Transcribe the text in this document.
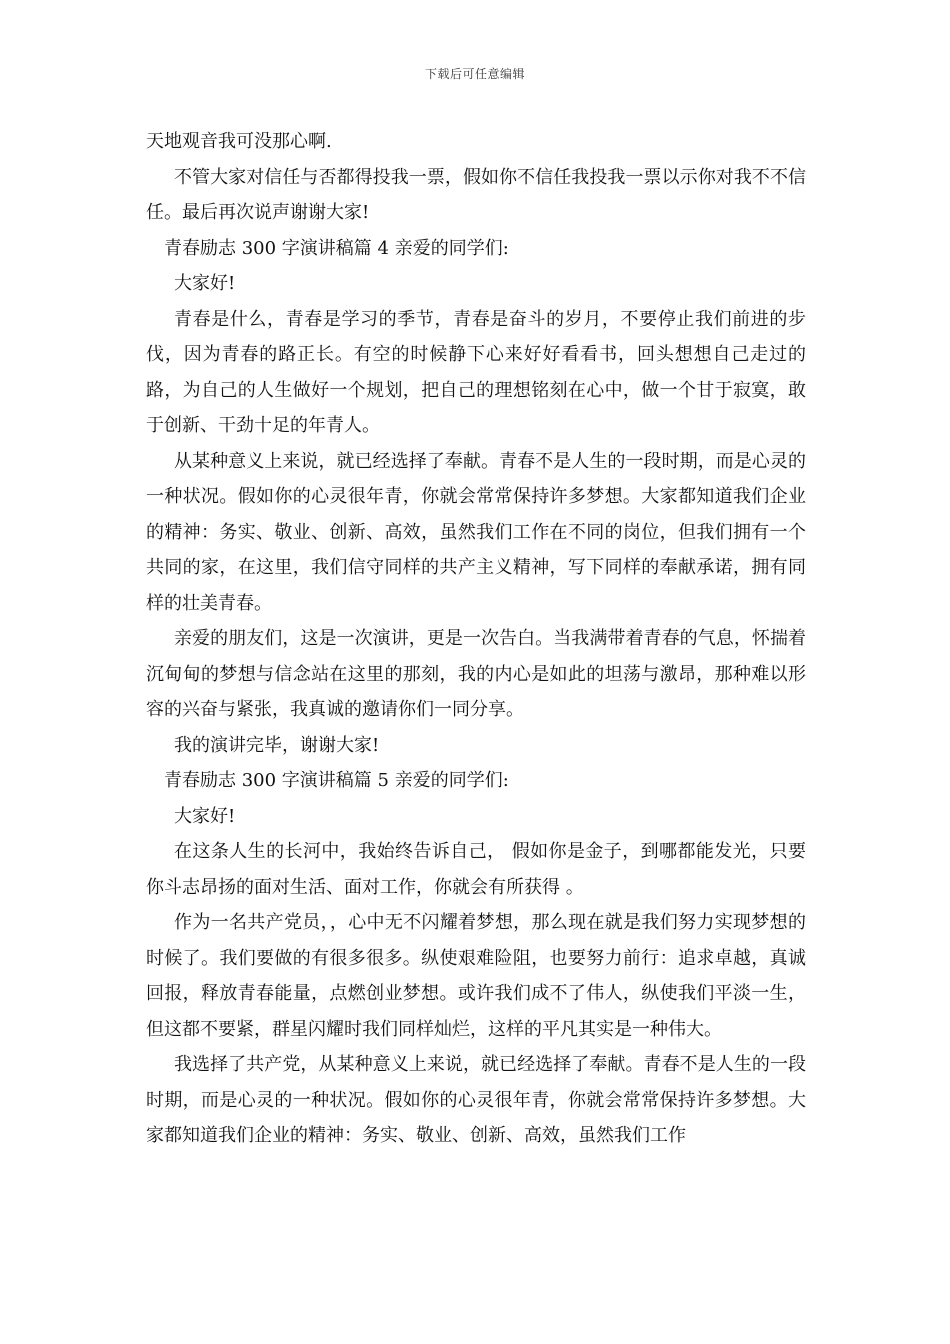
下载后可任意编辑

天地观音我可没那心啊.

不管大家对信任与否都得投我一票，假如你不信任我投我一票以示你对我不不信任。最后再次说声谢谢大家!

青春励志 300 字演讲稿篇 4 亲爱的同学们:

大家好!

青春是什么，青春是学习的季节，青春是奋斗的岁月，不要停止我们前进的步伐，因为青春的路正长。有空的时候静下心来好好看看书，回头想想自己走过的路，为自己的人生做好一个规划，把自己的理想铭刻在心中，做一个甘于寂寞，敢于创新、干劲十足的年青人。

从某种意义上来说，就已经选择了奉献。青春不是人生的一段时期，而是心灵的一种状况。假如你的心灵很年青，你就会常常保持许多梦想。大家都知道我们企业的精神：务实、敬业、创新、高效，虽然我们工作在不同的岗位，但我们拥有一个共同的家，在这里，我们信守同样的共产主义精神，写下同样的奉献承诺，拥有同样的壮美青春。

亲爱的朋友们，这是一次演讲，更是一次告白。当我满带着青春的气息，怀揣着沉甸甸的梦想与信念站在这里的那刻，我的内心是如此的坦荡与激昂，那种难以形容的兴奋与紧张，我真诚的邀请你们一同分享。

我的演讲完毕，谢谢大家!

青春励志 300 字演讲稿篇 5 亲爱的同学们:

大家好!

在这条人生的长河中，我始终告诉自己， 假如你是金子，到哪都能发光，只要你斗志昂扬的面对生活、面对工作，你就会有所获得 。

作为一名共产党员，，心中无不闪耀着梦想，那么现在就是我们努力实现梦想的时候了。我们要做的有很多很多。纵使艰难险阻，也要努力前行：追求卓越，真诚回报，释放青春能量，点燃创业梦想。或许我们成不了伟人，纵使我们平淡一生，但这都不要紧，群星闪耀时我们同样灿烂，这样的平凡其实是一种伟大。

我选择了共产党，从某种意义上来说，就已经选择了奉献。青春不是人生的一段时期，而是心灵的一种状况。假如你的心灵很年青，你就会常常保持许多梦想。大家都知道我们企业的精神：务实、敬业、创新、高效，虽然我们工作
